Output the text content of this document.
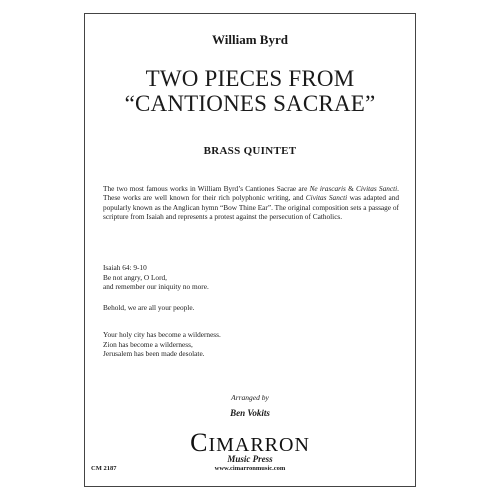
William Byrd
TWO PIECES FROM
“CANTIONES SACRAE”
BRASS QUINTET
The two most famous works in William Byrd’s Cantiones Sacrae are Ne irascaris & Civitas Sancti. These works are well known for their rich polyphonic writing, and Civitas Sancti was adapted and popularly known as the Anglican hymn “Bow Thine Ear”. The original composition sets a passage of scripture from Isaiah and represents a protest against the persecution of Catholics.
Isaiah 64: 9-10
Be not angry, O Lord,
and remember our iniquity no more.
Behold, we are all your people.
Your holy city has become a wilderness.
Zion has become a wilderness,
Jerusalem has been made desolate.
Arranged by
Ben Vokits
CIMARRON
Music Press
www.cimarronmusic.com
CM 2187
